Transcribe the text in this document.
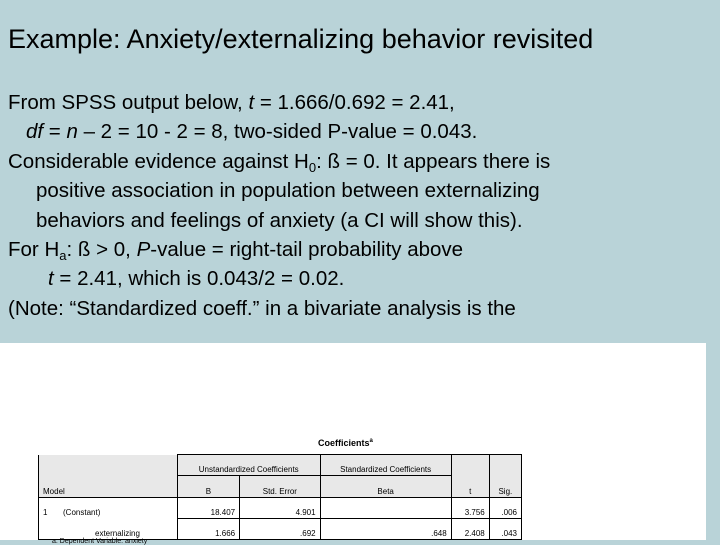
Example: Anxiety/externalizing behavior revisited
From SPSS output below, t = 1.666/0.692 = 2.41,
df = n – 2 = 10 - 2 = 8, two-sided P-value = 0.043.
Considerable evidence against $H_0$: ß = 0. It appears there is
positive association in population between externalizing
behaviors and feelings of anxiety (a CI will show this).
For $H_a$: ß > 0, P-value = right-tail probability above
t = 2.41, which is 0.043/2 = 0.02.
(Note: “Standardized coeff.” in a bivariate analysis is the
Coefficients$^a$
	Unstandardized Coefficients		Standardized Coefficients		
Model	B	Std. Error	Beta	t	Sig.
1 (Constant)	18.407	4.901		3.756	.006
externalizing	1.666	.692	.648	2.408	.043
a. Dependent Variable: anxiety
